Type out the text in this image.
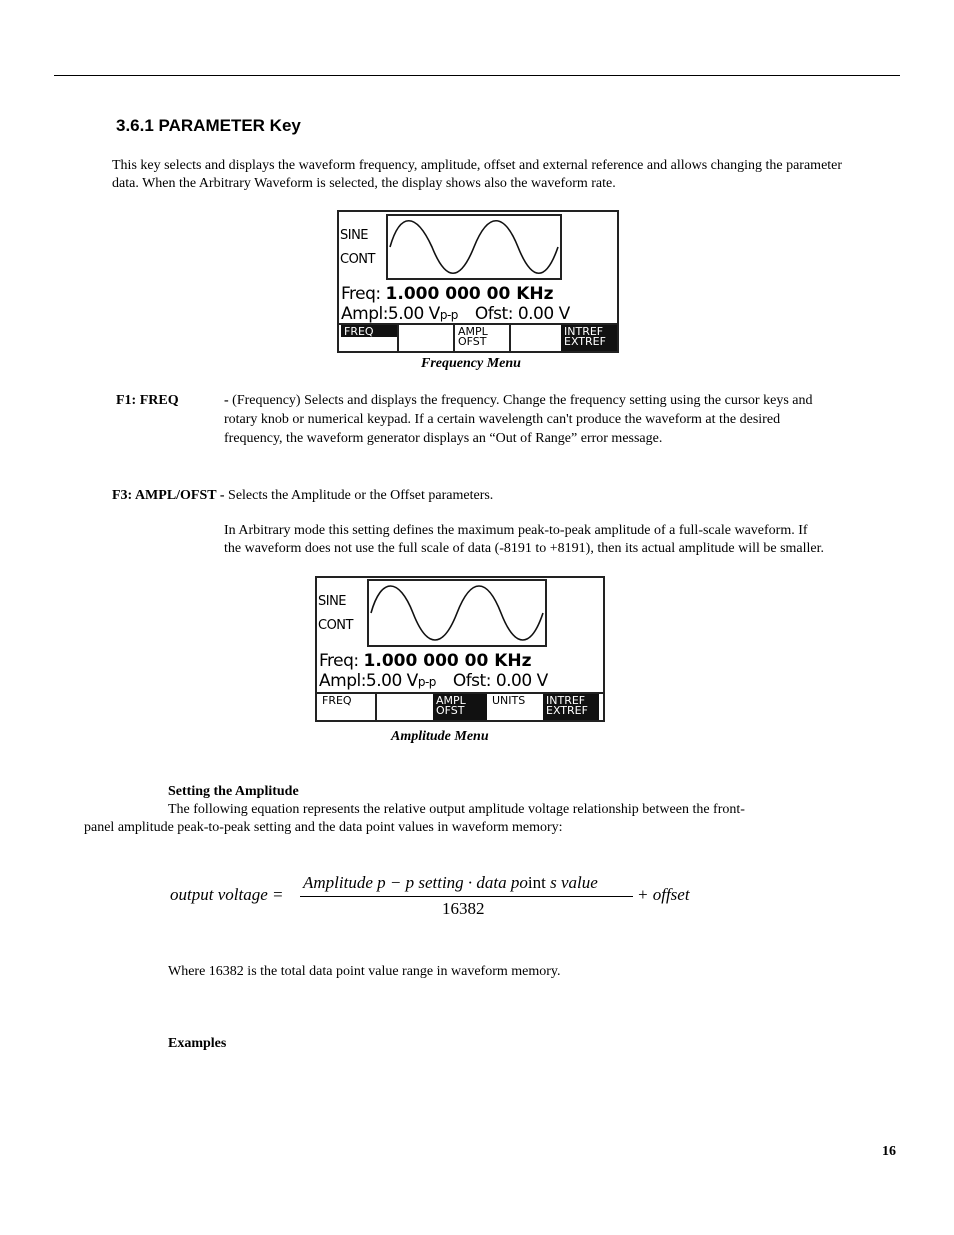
3.6.1 PARAMETER Key
This key selects and displays the waveform frequency, amplitude, offset and external reference and allows changing the parameter
data. When the Arbitrary Waveform is selected, the display shows also the waveform rate.
SINE
CONT
Freq: 1.000 000 00 KHz
Ampl:5.00 Vp-p Ofst: 0.00 V
FREQ	AMPL
OFST
INTREF
EXTREF
Frequency Menu
F1: FREQ	- (Frequency) Selects and displays the frequency. Change the frequency setting using the cursor keys and
rotary knob or numerical keypad. If a certain wavelength can't produce the waveform at the desired
frequency, the waveform generator displays an “Out of Range” error message.
F3: AMPL/OFST - Selects the Amplitude or the Offset parameters.
In Arbitrary mode this setting defines the maximum peak-to-peak amplitude of a full-scale waveform. If
the waveform does not use the full scale of data (-8191 to +8191), then its actual amplitude will be smaller.
SINE
CONT
Freq: 1.000 000 00 KHz
Ampl:5.00 Vp-p Ofst: 0.00 V
FREQ	AMPL
OFST
UNITS	INTREF
EXTREF
Amplitude Menu
Setting the Amplitude
The following equation represents the relative output amplitude voltage relationship between the front-
panel amplitude peak-to-peak setting and the data point values in waveform memory:
output voltage =
Amplitude p − p setting · data point s value
16382
+ offset
Where 16382 is the total data point value range in waveform memory.
Examples
16
